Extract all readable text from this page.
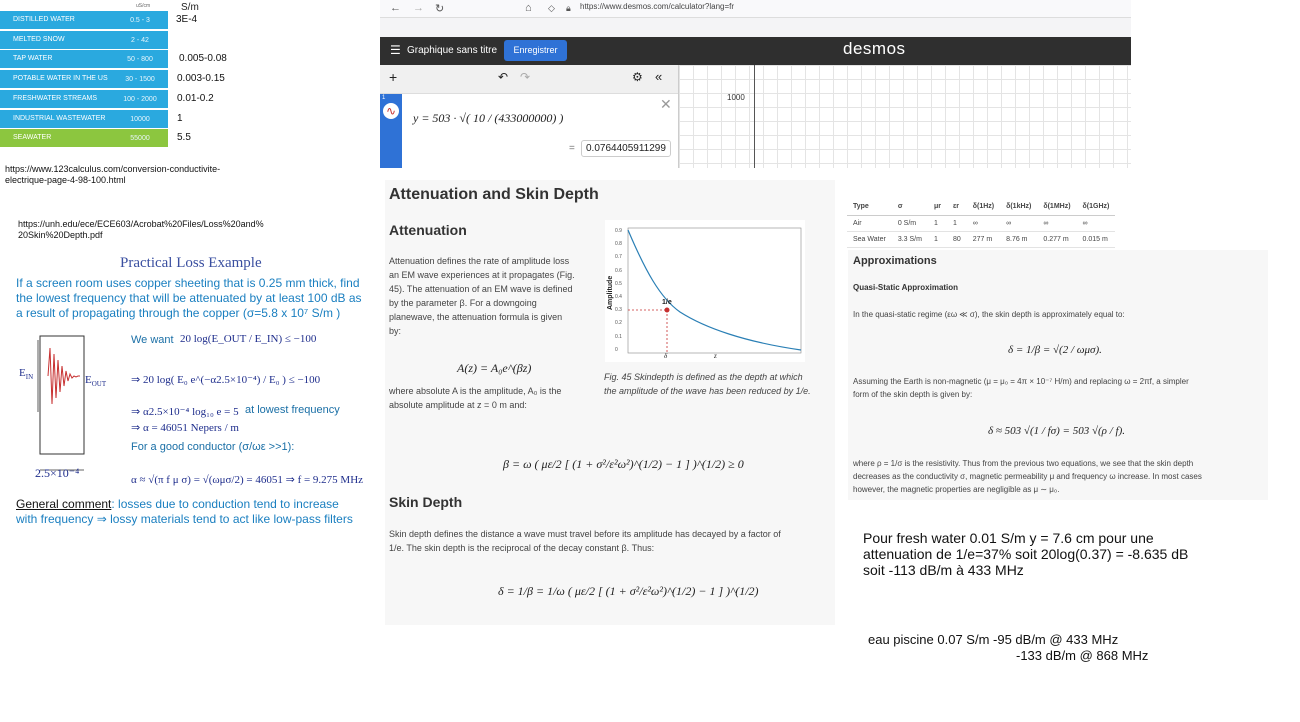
uS/cm	S/m
DISTILLED WATER	0.5 - 3	3E-4
MELTED SNOW	2 - 42
TAP WATER	50 - 800	0.005-0.08
POTABLE WATER IN THE US	30 - 1500	0.003-0.15
FRESHWATER STREAMS	100 - 2000	0.01-0.2
INDUSTRIAL WASTEWATER	10000	1
SEAWATER	55000	5.5
https://www.123calculus.com/conversion-conductivite-
electrique-page-4-98-100.html
https://unh.edu/ece/ECE603/Acrobat%20Files/Loss%20and%
20Skin%20Depth.pdf
Practical Loss Example
If a screen room uses copper sheeting that is 0.25 mm thick, find
the lowest frequency that will be attenuated by at least 100 dB as
a result of propagating through the copper (σ=5.8 x 10⁷ S/m )
$E_{IN}$	$E_{OUT}$
2.5×10⁻⁴
We want 20 log(E_OUT / E_IN) ≤ −100
⇒ 20 log( E₀ e^(−α2.5×10⁻⁴) / E₀ ) ≤ −100
⇒ α2.5×10⁻⁴ log₁₀ e = 5 at lowest frequency
⇒ α = 46051 Nepers / m
For a good conductor (σ/ωε >>1):
α ≈ √(π f μ σ) = √(ωμσ/2) = 46051 ⇒ f = 9.275 MHz
General comment: losses due to conduction tend to increase
with frequency ⇒ lossy materials tend to act like low-pass filters
← → ↻	⌂ ◇ 🔒︎ https://www.desmos.com/calculator?lang=fr
☰ Graphique sans titre	Enregistrer	desmos
+	↶ ↷	⚙ «
1
∿ y = 503 · √( 10 / (433000000) )
✕
=	0.0764405911299
1000
Attenuation and Skin Depth
Attenuation
Attenuation defines the rate of amplitude loss
an EM wave experiences at it propagates (Fig.
45). The attenuation of an EM wave is defined
by the parameter β. For a downgoing
planewave, the attenuation formula is given
by:
A(z) = A₀e^(βz)
where absolute A is the amplitude, A₀ is the
absolute amplitude at z = 0 m and:
β = ω ( με/2 [ (1 + σ²/ε²ω²)^(1/2) − 1 ] )^(1/2) ≥ 0
1/e
δ	z
Amplitude
0.9
0.8
0.7
0.6
0.5
0.4
0.3
0.2
0.1
0
Fig. 45 Skindepth is defined as the depth at which
the amplitude of the wave has been reduced by 1/e.
Skin Depth
Skin depth defines the distance a wave must travel before its amplitude has decayed by a factor of
1/e. The skin depth is the reciprocal of the decay constant β. Thus:
δ = 1/β = 1/ω ( με/2 [ (1 + σ²/ε²ω²)^(1/2) − 1 ] )^(1/2)
Type	σ	μr	εr	δ(1Hz)	δ(1kHz)	δ(1MHz)	δ(1GHz)
Air	0 S/m	1	1	∞	∞	∞	∞
Sea Water	3.3 S/m	1	80	277 m	8.76 m	0.277 m	0.015 m
Approximations
Quasi-Static Approximation
In the quasi-static regime (εω ≪ σ), the skin depth is approximately equal to:
δ = 1/β = √(2 / ωμσ).
Assuming the Earth is non-magnetic (μ = μ₀ = 4π × 10⁻⁷ H/m) and replacing ω = 2πf, a simpler
form of the skin depth is given by:
δ ≈ 503 √(1 / fσ) = 503 √(ρ / f).
where ρ = 1/σ is the resistivity. Thus from the previous two equations, we see that the skin depth
decreases as the conductivity σ, magnetic permeability μ and frequency ω increase. In most cases
however, the magnetic properties are negligible as μ ∼ μ₀.
Pour fresh water 0.01 S/m y = 7.6 cm pour une
attenuation de 1/e=37% soit 20log(0.37) = -8.635 dB
soit -113 dB/m à 433 MHz
eau piscine 0.07 S/m -95 dB/m @ 433 MHz
-133 dB/m @ 868 MHz
